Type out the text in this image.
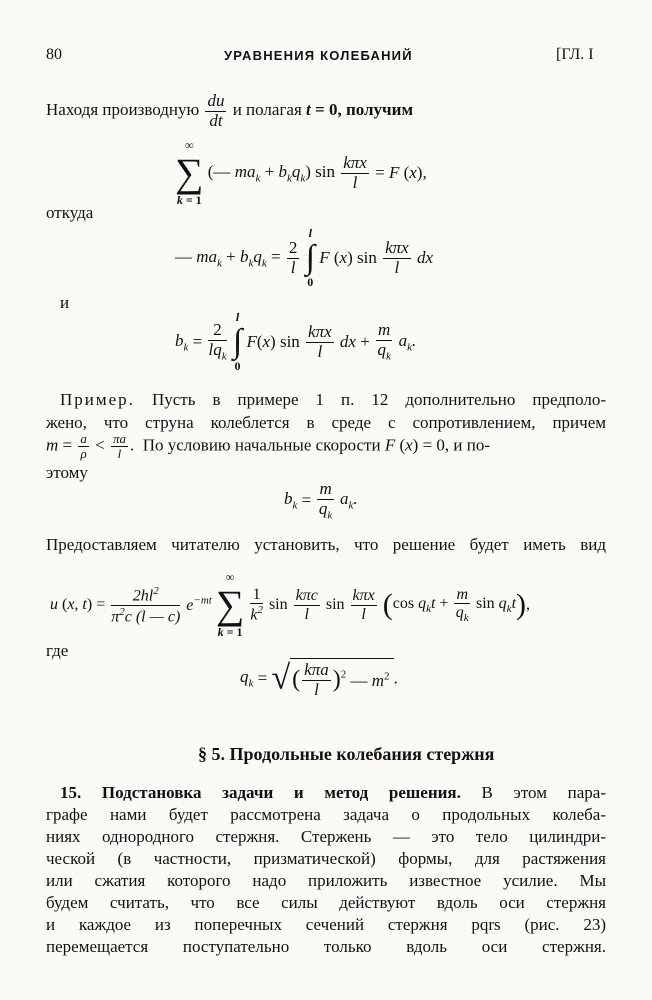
80	УРАВНЕНИЯ КОЛЕБАНИЙ	[ГЛ. I
Находя производную $\frac{du}{dt}$ и полагая t = 0, получим
∞
∑
k = 1
(— $ma_k + b_kq_k$) $\sin \frac{\text{kπx}}{l} = F$ (x),
откуда
— $ma_k + b_kq_k = \frac{2}{l}$

l
∫
0
F (x) $\sin \frac{\text{kπx}}{l}$ dx
и
$b_k = \frac{2}{lq_k}$

l
∫
0
F(x) $\sin \frac{\text{kπx}}{l}$ dx + $\frac{m}{q_k} a_k$.
Пример. Пусть в примере 1 п. 12 дополнительно предполо-
жено, что струна колеблется в среде с сопротивлением, причем
$m = \frac{a}{\rho} < \frac{\pi a}{l}$ .  По условию начальные скорости F (x) = 0, и по-
этому
$b_k = \frac{m}{q_k} a_k$.
Предоставляем читателю установить, что решение будет иметь вид
u (x, $t) = \frac{2hl^2}{\pi^2c (l — c)} e^{-mt}$
∞
∑
k = 1

$\frac{1}{k^2}$ $\sin \frac{\text{kπc}}{l}$ $\sin \frac{\text{kπx}}{l} (\cos$ $q_kt + \frac{m}{q_k}$ $\sin q_kt$),
где
$q_k$ = √( $\frac{\text{kπa}}{l} )^2$ — $m^2$ .
§ 5. Продольные колебания стержня
15. Подстановка задачи и метод решения. В этом пара-
графе нами будет рассмотрена задача о продольных колеба-
ниях однородного стержня. Стержень — это тело цилиндри-
ческой (в частности, призматической) формы, для растяжения
или сжатия которого надо приложить известное усилие. Мы
будем считать, что все силы действуют вдоль оси стержня
и каждое из поперечных сечений стержня pqrs (рис. 23)
перемещается поступательно только вдоль оси стержня.
